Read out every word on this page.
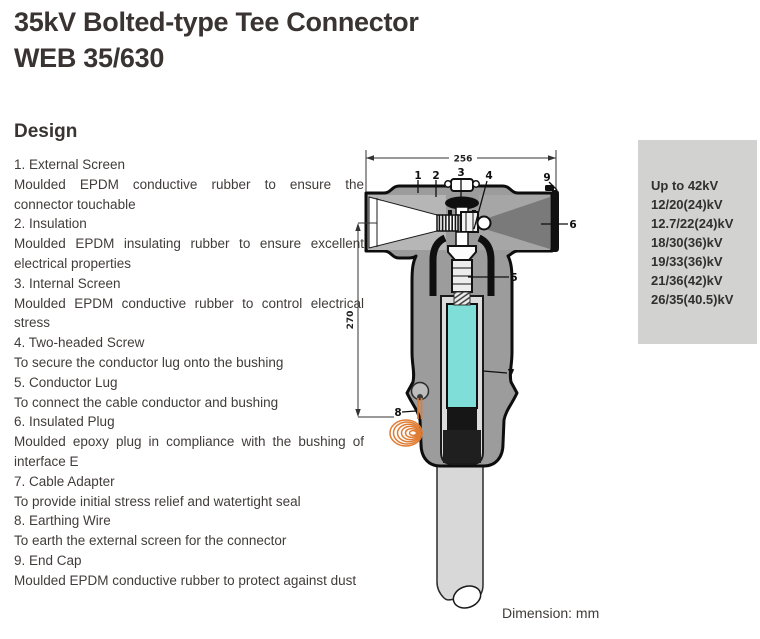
35kV Bolted-type Tee Connector
WEB 35/630
Design

1. External Screen

Moulded EPDM conductive rubber to ensure the connector touchable

2. Insulation

Moulded EPDM insulating rubber to ensure excellent electrical properties

3. Internal Screen

Moulded EPDM conductive rubber to control electrical stress

4. Two-headed Screw

To secure the conductor lug onto the bushing

5. Conductor Lug

To connect the cable conductor and bushing

6. Insulated Plug

Moulded epoxy plug in compliance with the bushing of interface E

7. Cable Adapter

To provide initial stress relief and watertight seal

8. Earthing Wire

To earth the external screen for the connector

9. End Cap

Moulded EPDM conductive rubber to protect against dust

Up to 42kV
12/20(24)kV
12.7/22(24)kV
18/30(36)kV
19/33(36)kV
21/36(42)kV
26/35(40.5)kV
256
270
1 2 3 4
5
6
7
8
9
Dimension: mm
